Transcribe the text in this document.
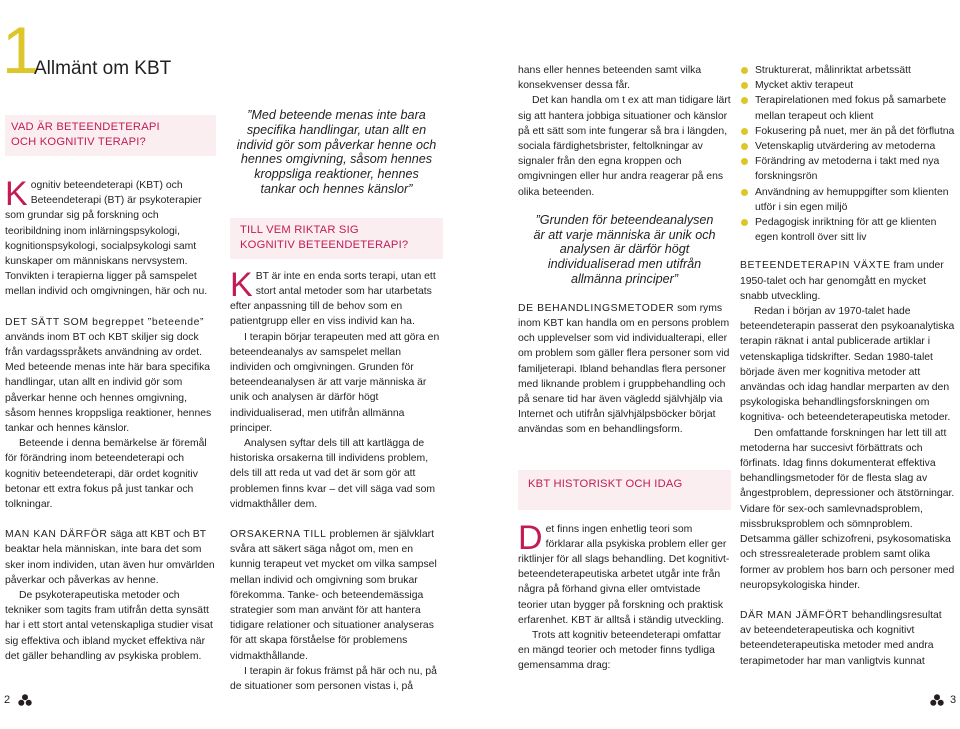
1
Allmänt om KBT
VAD ÄR BETEENDETERAPI
OCH KOGNITIV TERAPI?

Kognitiv beteendeterapi (KBT) och Beteendeterapi (BT) är psykoterapier som grundar sig på forskning och teoribildning inom inlärningspsykologi, kognitionspsykologi, socialpsykologi samt kunskaper om människans nervsystem.

Tonvikten i terapierna ligger på samspelet mellan individ och omgivningen, här och nu.

DET SÄTT SOM begreppet ”beteende” används inom BT och KBT skiljer sig dock från vardagsspråkets användning av ordet. Med beteende menas inte här bara specifika handlingar, utan allt en individ gör som påverkar henne och hennes omgivning, såsom hennes kroppsliga reaktioner, hennes tankar och hennes känslor.

Beteende i denna bemärkelse är föremål för förändring inom beteendeterapi och kognitiv beteendeterapi, där ordet kognitiv betonar ett extra fokus på just tankar och tolkningar.

MAN KAN DÄRFÖR säga att KBT och BT beaktar hela människan, inte bara det som sker inom individen, utan även hur omvärlden påverkar och påverkas av henne.

De psykoterapeutiska metoder och tekniker som tagits fram utifrån detta synsätt har i ett stort antal vetenskapliga studier visat sig effektiva och ibland mycket effektiva när det gäller behandling av psykiska problem.

”Med beteende menas inte bara specifika handlingar, utan allt en individ gör som påverkar henne och hennes omgivning, såsom hennes kroppsliga reaktioner, hennes tankar och hennes känslor”
TILL VEM RIKTAR SIG
KOGNITIV BETEENDETERAPI?

KBT är inte en enda sorts terapi, utan ett stort antal metoder som har utarbetats efter anpassning till de behov som en patientgrupp eller en viss individ kan ha.

I terapin börjar terapeuten med att göra en beteendeanalys av samspelet mellan individen och omgivningen. Grunden för beteendeanalysen är att varje människa är unik och analysen är därför högt individualiserad, men utifrån allmänna principer.

Analysen syftar dels till att kartlägga de historiska orsakerna till individens problem, dels till att reda ut vad det är som gör att problemen finns kvar – det vill säga vad som vidmakthåller dem.

ORSAKERNA TILL problemen är självklart svåra att säkert säga något om, men en kunnig terapeut vet mycket om vilka sampsel mellan individ och omgivning som brukar förekomma. Tanke- och beteendemässiga strategier som man använt för att hantera tidigare relationer och situationer analyseras för att skapa förståelse för problemens vidmakthållande.

I terapin är fokus främst på här och nu, på de situationer som personen vistas i, på

hans eller hennes beteenden samt vilka konsekvenser dessa får.

Det kan handla om t ex att man tidigare lärt sig att hantera jobbiga situationer och känslor på ett sätt som inte fungerar så bra i längden, sociala färdighetsbrister, feltolkningar av signaler från den egna kroppen och omgivningen eller hur andra reagerar på ens olika beteenden.

”Grunden för beteendeanalysen är att varje människa är unik och analysen är därför högt individualiserad men utifrån allmänna principer”

DE BEHANDLINGSMETODER som ryms inom KBT kan handla om en persons problem och upplevelser som vid individualterapi, eller om problem som gäller flera personer som vid familjeterapi. Ibland behandlas flera personer med liknande problem i gruppbehandling och på senare tid har även vägledd självhjälp via Internet och utifrån självhjälpsböcker börjat användas som en behandlingsform.

KBT HISTORISKT OCH IDAG

Det finns ingen enhetlig teori som förklarar alla psykiska problem eller ger riktlinjer för all slags behandling. Det kognitivt-beteendeterapeutiska arbetet utgår inte från några på förhand givna eller omtvistade teorier utan bygger på forskning och praktisk erfarenhet. KBT är alltså i ständig utveckling.

Trots att kognitiv beteendeterapi omfattar en mängd teorier och metoder finns tydliga gemensamma drag:

Strukturerat, målinriktat arbetssätt
Mycket aktiv terapeut
Terapirelationen med fokus på samarbete mellan terapeut och klient
Fokusering på nuet, mer än på det förflutna
Vetenskaplig utvärdering av metoderna
Förändring av metoderna i takt med nya forskningsrön
Användning av hemuppgifter som klienten utför i sin egen miljö
Pedagogisk inriktning för att ge klienten egen kontroll över sitt liv

BETEENDETERAPIN VÄXTE fram under 1950-talet och har genomgått en mycket snabb utveckling.

Redan i början av 1970-talet hade beteendeterapin passerat den psykoanalytiska terapin räknat i antal publicerade artiklar i vetenskapliga tidskrifter. Sedan 1980-talet började även mer kognitiva metoder att användas och idag handlar merparten av den psykologiska behandlingsforskningen om kognitiva- och beteendeterapeutiska metoder.

Den omfattande forskningen har lett till att metoderna har succesivt förbättrats och förfinats. Idag finns dokumenterat effektiva behandlingsmetoder för de flesta slag av ångestproblem, depressioner och ätstörningar. Vidare för sex-och samlevnadsproblem, missbruksproblem och sömnproblem. Detsamma gäller schizofreni, psykosomatiska och stressrealeterade problem samt olika former av problem hos barn och personer med neuropsykologiska hinder.

DÄR MAN JÄMFÖRT behandlingsresultat av beteendeterapeutiska och kognitivt beteendeterapeutiska metoder med andra terapimetoder har man vanligtvis kunnat

2	3
